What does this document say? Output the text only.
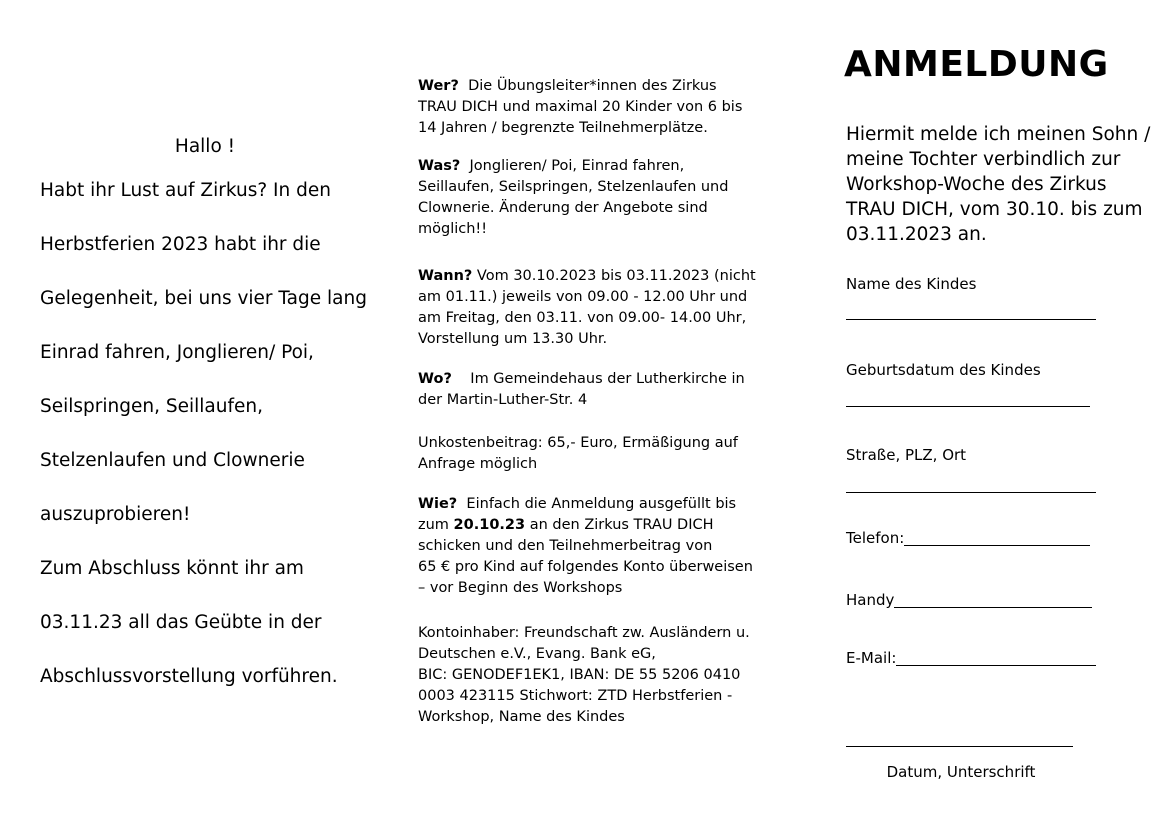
Hallo !
Habt ihr Lust auf Zirkus? In den
Herbstferien 2023 habt ihr die
Gelegenheit, bei uns vier Tage lang
Einrad fahren, Jonglieren/ Poi,
Seilspringen, Seillaufen,
Stelzenlaufen und Clownerie
auszuprobieren!
Zum Abschluss könnt ihr am
03.11.23 all das Geübte in der
Abschlussvorstellung vorführen.
Wer?  Die Übungsleiter*innen des Zirkus
TRAU DICH und maximal 20 Kinder von 6 bis
14 Jahren / begrenzte Teilnehmerplätze.
Was?  Jonglieren/ Poi, Einrad fahren,
Seillaufen, Seilspringen, Stelzenlaufen und
Clownerie. Änderung der Angebote sind
möglich!!
Wann? Vom 30.10.2023 bis 03.11.2023 (nicht
am 01.11.) jeweils von 09.00 - 12.00 Uhr und
am Freitag, den 03.11. von 09.00- 14.00 Uhr,
Vorstellung um 13.30 Uhr.
Wo?    Im Gemeindehaus der Lutherkirche in
der Martin-Luther-Str. 4
Unkostenbeitrag: 65,- Euro, Ermäßigung auf
Anfrage möglich
Wie?  Einfach die Anmeldung ausgefüllt bis
zum 20.10.23 an den Zirkus TRAU DICH
schicken und den Teilnehmerbeitrag von
65 € pro Kind auf folgendes Konto überweisen
– vor Beginn des Workshops
Kontoinhaber: Freundschaft zw. Ausländern u.
Deutschen e.V., Evang. Bank eG,
BIC: GENODEF1EK1, IBAN: DE 55 5206 0410
0003 423115 Stichwort: ZTD Herbstferien -
Workshop, Name des Kindes
ANMELDUNG
Hiermit melde ich meinen Sohn /
meine Tochter verbindlich zur
Workshop-Woche des Zirkus
TRAU DICH, vom 30.10. bis zum
03.11.2023 an.
Name des Kindes
Geburtsdatum des Kindes
Straße, PLZ, Ort
Telefon:
Handy
E-Mail:
Datum, Unterschrift
